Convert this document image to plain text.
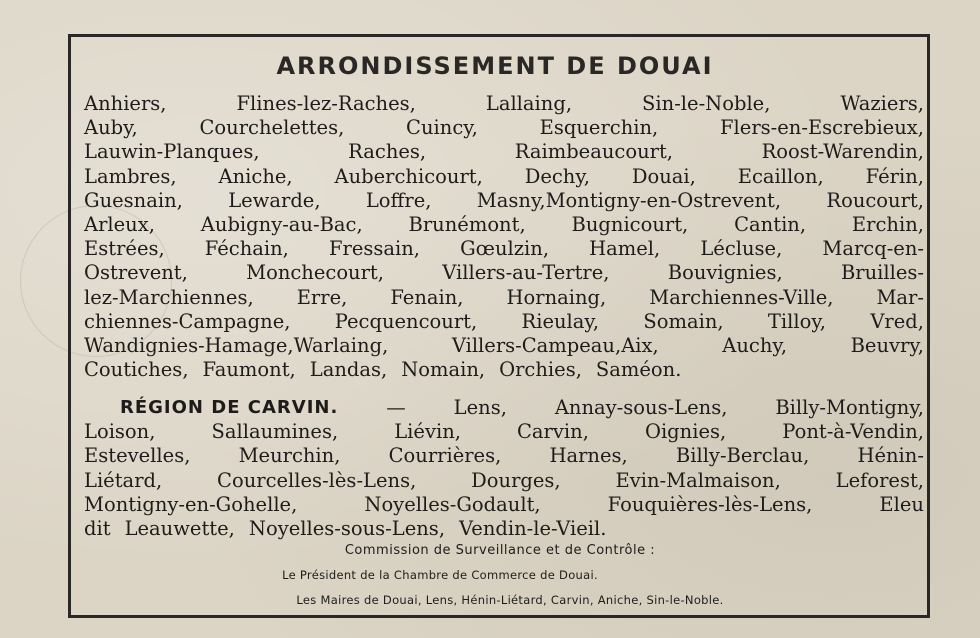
ARRONDISSEMENT DE DOUAI
Anhiers,	Flines-lez-Raches,	Lallaing,	Sin-le-Noble,	Waziers,
Auby,	Courchelettes,	Cuincy,	Esquerchin,	Flers-en-Escrebieux,
Lauwin-Planques,	Raches,	Raimbeaucourt,	Roost-Warendin,
Lambres, Aniche, Auberchicourt, Dechy, Douai, Ecaillon, Férin,
Guesnain, Lewarde, Loffre, Masny,Montigny-en-Ostrevent, Roucourt,
Arleux, Aubigny-au-Bac, Brunémont, Bugnicourt, Cantin, Erchin,
Estrées, Féchain, Fressain, Gœulzin, Hamel, Lécluse, Marcq-en-
Ostrevent,	Monchecourt,	Villers-au-Tertre,	Bouvignies,	Bruilles-
lez-Marchiennes, Erre, Fenain, Hornaing, Marchiennes-Ville, Mar-
chiennes-Campagne, Pecquencourt, Rieulay, Somain, Tilloy, Vred,
Wandignies-Hamage,Warlaing,	Villers-Campeau,Aix,	Auchy,	Beuvry,
Coutiches, Faumont, Landas, Nomain, Orchies, Saméon.
RÉGION DE CARVIN. — Lens, Annay-sous-Lens, Billy-Montigny,
Loison,	Sallaumines,	Liévin,	Carvin,	Oignies,	Pont-à-Vendin,
Estevelles, Meurchin, Courrières, Harnes, Billy-Berclau, Hénin-
Liétard,	Courcelles-lès-Lens,	Dourges,	Evin-Malmaison,	Leforest,
Montigny-en-Gohelle,	Noyelles-Godault,	Fouquières-lès-Lens,	Eleu
dit Leauwette, Noyelles-sous-Lens, Vendin-le-Vieil.
Commission de Surveillance et de Contrôle :
Le Président de la Chambre de Commerce de Douai.
Les Maires de Douai, Lens, Hénin-Liétard, Carvin, Aniche, Sin-le-Noble.
